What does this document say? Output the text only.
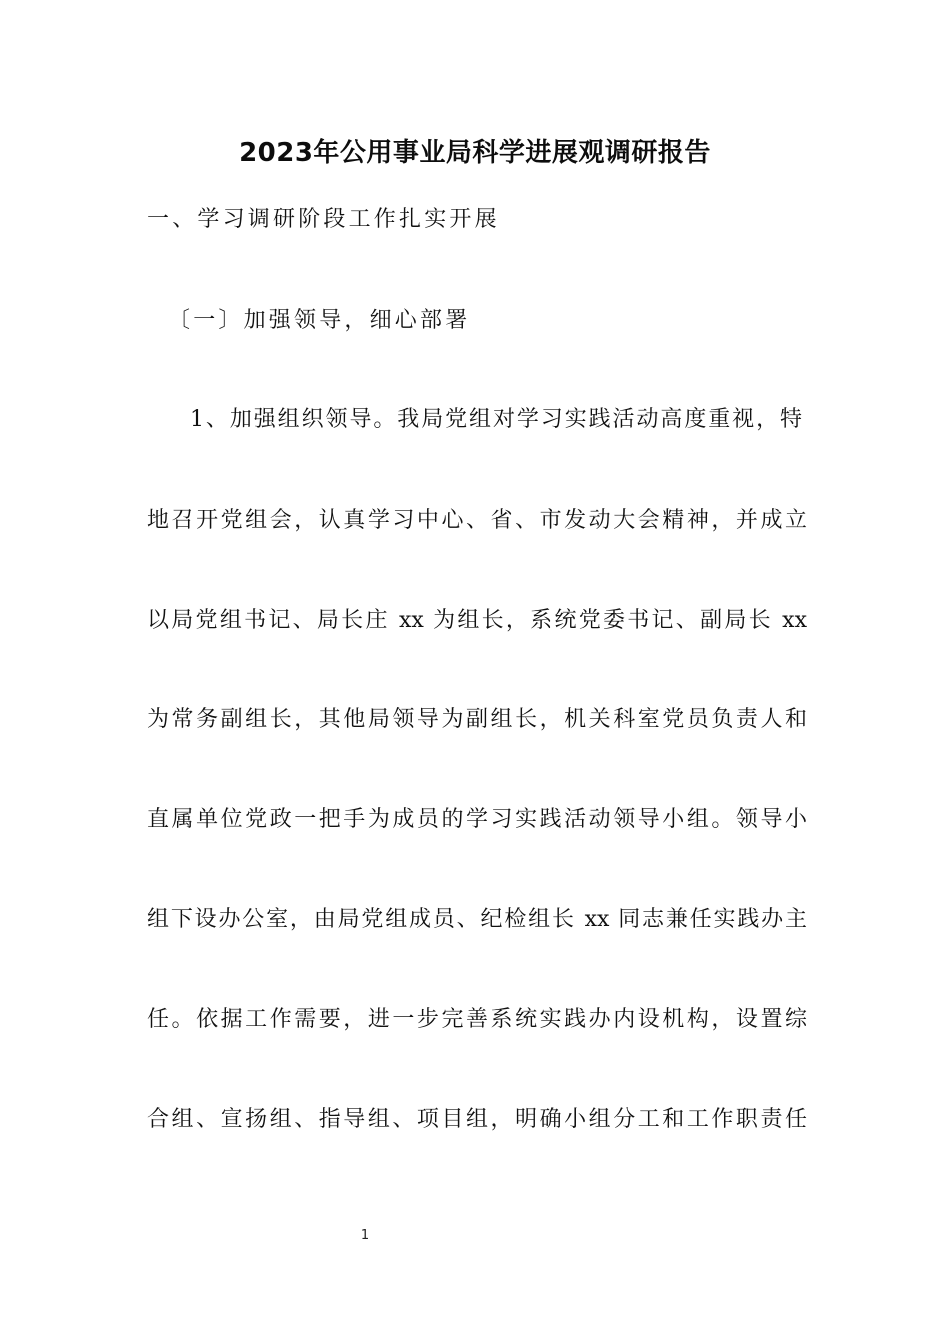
2023年公用事业局科学进展观调研报告
一、学习调研阶段工作扎实开展
〔一〕加强领导，细心部署
1、加强组织领导。我局党组对学习实践活动高度重视，特
地召开党组会，认真学习中心、省、市发动大会精神，并成立
以局党组书记、局长庄 xx 为组长，系统党委书记、副局长 xx
为常务副组长，其他局领导为副组长，机关科室党员负责人和
直属单位党政一把手为成员的学习实践活动领导小组。领导小
组下设办公室，由局党组成员、纪检组长 xx 同志兼任实践办主
任。依据工作需要，进一步完善系统实践办内设机构，设置综
合组、宣扬组、指导组、项目组，明确小组分工和工作职责任
1
